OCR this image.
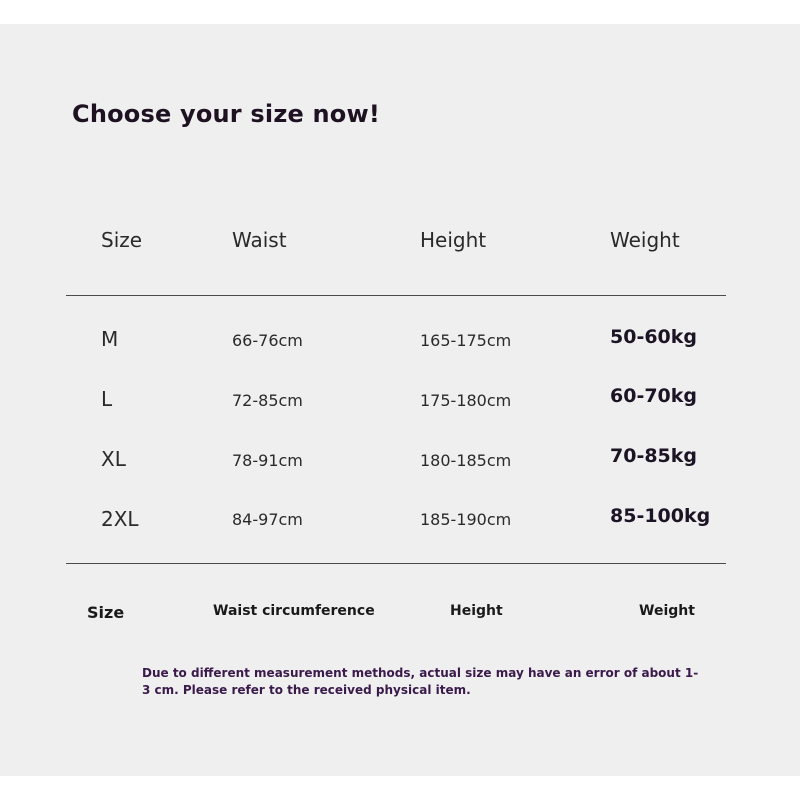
Choose your size now!
Size	Waist	Height	Weight
M	66-76cm	165-175cm	50-60kg
L	72-85cm	175-180cm	60-70kg
XL	78-91cm	180-185cm	70-85kg
2XL	84-97cm	185-190cm	85-100kg
Size	Waist circumference	Height	Weight
Due to different measurement methods, actual size may have an error of about 1-3 cm. Please refer to the received physical item.
